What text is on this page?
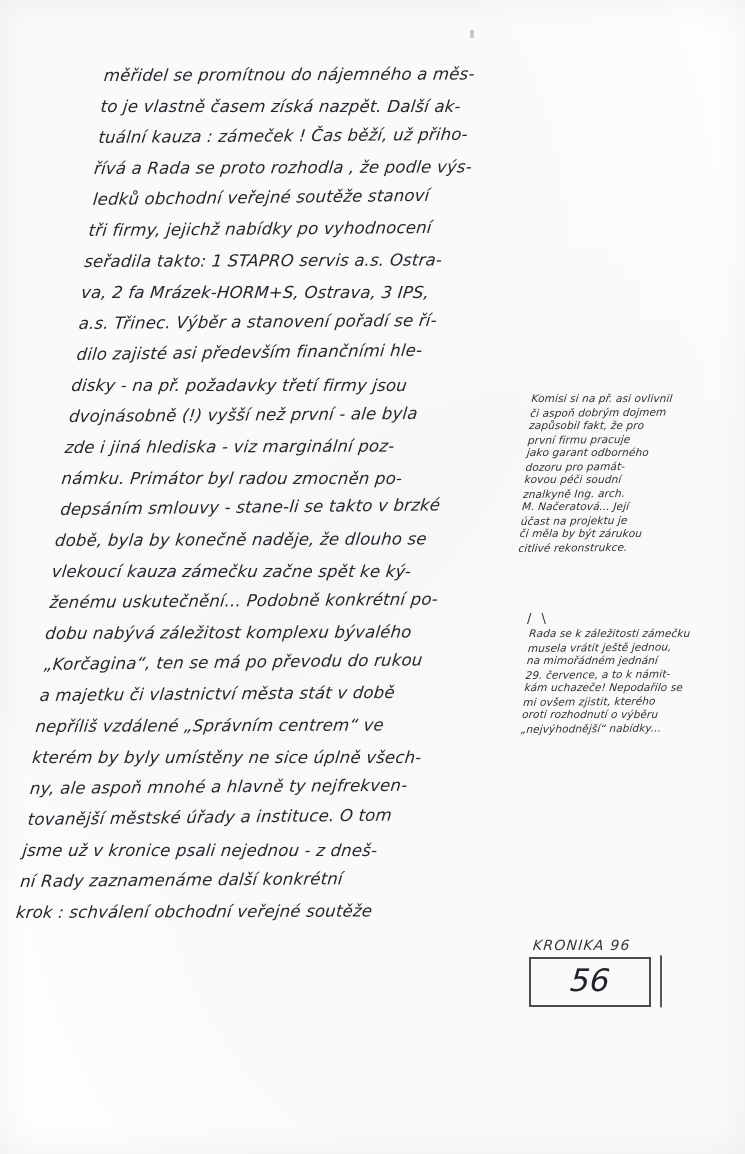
měřidel se promítnou do nájemného a měs-
to je vlastně časem získá nazpět. Další ak-
tuální kauza : zámeček ! Čas běží, už přiho-
řívá a Rada se proto rozhodla , že podle výs-
ledků obchodní veřejné soutěže stanoví
tři firmy, jejichž nabídky po vyhodnocení
seřadila takto: 1 STAPRO servis a.s. Ostra-
va, 2 fa Mrázek-HORM+S, Ostrava, 3 IPS,
a.s. Třinec. Výběr a stanovení pořadí se ří-
dilo zajisté asi především finančními hle-
disky - na př. požadavky třetí firmy jsou
dvojnásobně (!) vyšší než první - ale byla
zde i jiná hlediska - viz marginální poz-
námku. Primátor byl radou zmocněn po-
depsáním smlouvy - stane-li se takto v brzké
době, byla by konečně naděje, že dlouho se
vlekoucí kauza zámečku začne spět ke ký-
ženému uskutečnění... Podobně konkrétní po-
dobu nabývá záležitost komplexu bývalého
„Korčagina“, ten se má po převodu do rukou
a majetku či vlastnictví města stát v době
nepříliš vzdálené „Správním centrem“ ve
kterém by byly umístěny ne sice úplně všech-
ny, ale aspoň mnohé a hlavně ty nejfrekven-
tovanější městské úřady a instituce. O tom
jsme už v kronice psali nejednou - z dneš-
ní Rady zaznamenáme další konkrétní
krok : schválení obchodní veřejné soutěže
Komisi si na př. asi ovlivnil
či aspoň dobrým dojmem
zapůsobil fakt, že pro
první firmu pracuje
jako garant odborného
dozoru pro památ-
kovou péči soudní
znalkyně Ing. arch.
M. Načeratová... Její
účast na projektu je
či měla by být zárukou
citlivé rekonstrukce.
/ \
Rada se k záležitosti zámečku
musela vrátit ještě jednou,
na mimořádném jednání
29. července, a to k námit-
kám uchazeče! Nepodařilo se
mi ovšem zjistit, kterého
oroti rozhodnutí o výběru
„nejvýhodnější“ nabídky...
KRONIKA 96
56
